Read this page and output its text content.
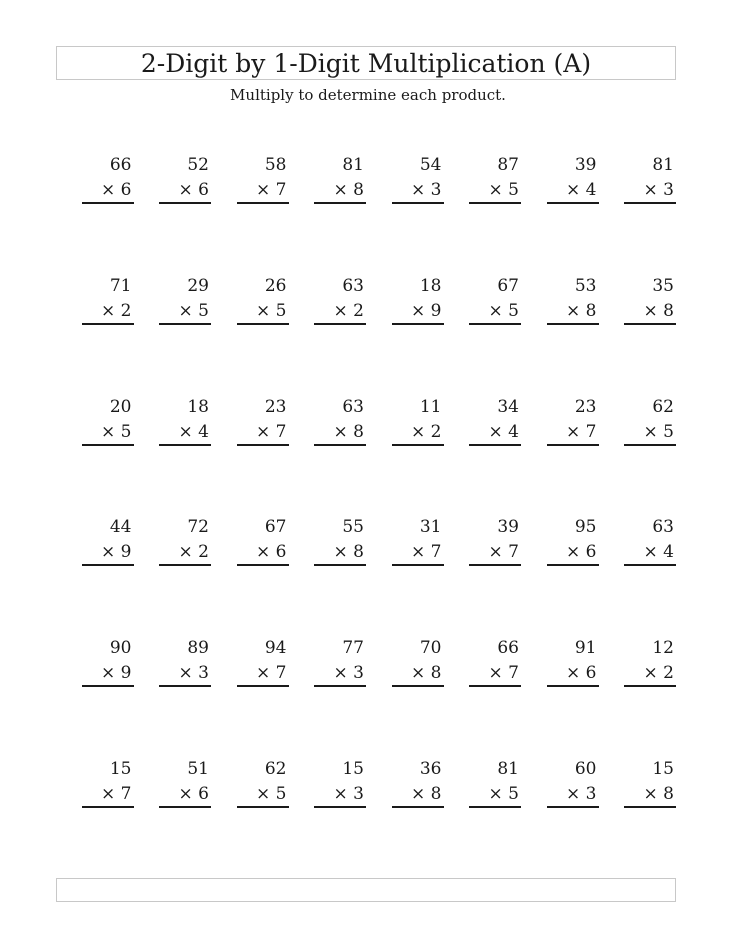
2-Digit by 1-Digit Multiplication (A)
Multiply to determine each product.
66
× 6
52
× 6
58
× 7
81
× 8
54
× 3
87
× 5
39
× 4
81
× 3
71
× 2
29
× 5
26
× 5
63
× 2
18
× 9
67
× 5
53
× 8
35
× 8
20
× 5
18
× 4
23
× 7
63
× 8
11
× 2
34
× 4
23
× 7
62
× 5
44
× 9
72
× 2
67
× 6
55
× 8
31
× 7
39
× 7
95
× 6
63
× 4
90
× 9
89
× 3
94
× 7
77
× 3
70
× 8
66
× 7
91
× 6
12
× 2
15
× 7
51
× 6
62
× 5
15
× 3
36
× 8
81
× 5
60
× 3
15
× 8
